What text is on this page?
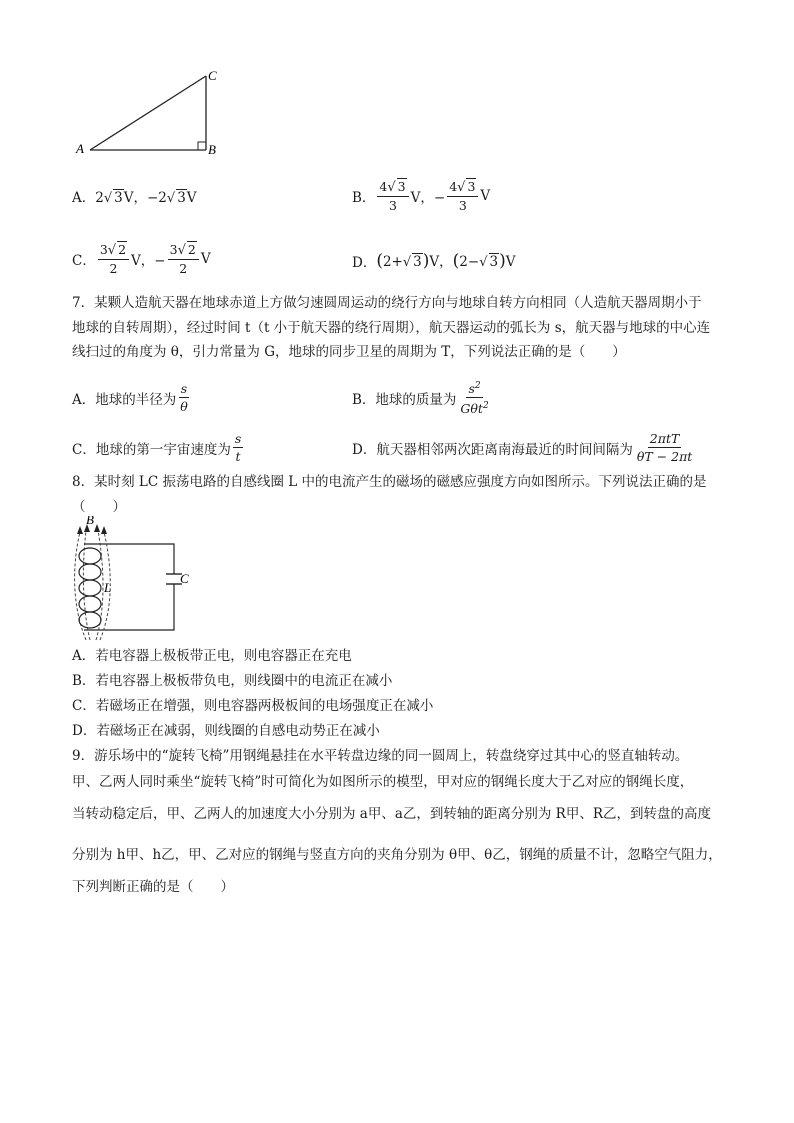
A	B
C
A． 2√ 3V，−2√ 3V	B． $\frac{4√ 3}{3}$ V，− $\frac{4√ 3}{3}$ V
C． $\frac{3√ 2}{2}$ V，− $\frac{3√ 2}{2}$ V	D． (2+√ 3)V，(2−√ 3)V
7．某颗人造航天器在地球赤道上方做匀速圆周运动的绕行方向与地球自转方向相同（人造航天器周期小于
地球的自转周期），经过时间 t（t 小于航天器的绕行周期），航天器运动的弧长为 s，航天器与地球的中心连
线扫过的角度为 θ，引力常量为 G，地球的同步卫星的周期为 T，下列说法正确的是（　　）
A．地球的半径为 $\frac{s}{\theta}$	B．地球的质量为 $\frac{s^2}{G\theta t^2}$
C．地球的第一宇宙速度为 $\frac{s}{t}$	D．航天器相邻两次距离南海最近的时间间隔为 $\frac{\text{2πtT}}{\theta T - 2\pi t}$
8．某时刻 LC 振荡电路的自感线圈 L 中的电流产生的磁场的磁感应强度方向如图所示。下列说法正确的是
（　　）
B
L
C
A．若电容器上极板带正电，则电容器正在充电
B．若电容器上极板带负电，则线圈中的电流正在减小
C．若磁场正在增强，则电容器两极板间的电场强度正在减小
D．若磁场正在减弱，则线圈的自感电动势正在减小
9．游乐场中的“旋转飞椅”用钢绳悬挂在水平转盘边缘的同一圆周上，转盘绕穿过其中心的竖直轴转动。
甲、乙两人同时乘坐“旋转飞椅”时可简化为如图所示的模型，甲对应的钢绳长度大于乙对应的钢绳长度，
当转动稳定后，甲、乙两人的加速度大小分别为 a甲、a乙，到转轴的距离分别为 R甲、R乙，到转盘的高度
分别为 h甲、h乙，甲、乙对应的钢绳与竖直方向的夹角分别为 θ甲、θ乙，钢绳的质量不计，忽略空气阻力，
下列判断正确的是（　　）
